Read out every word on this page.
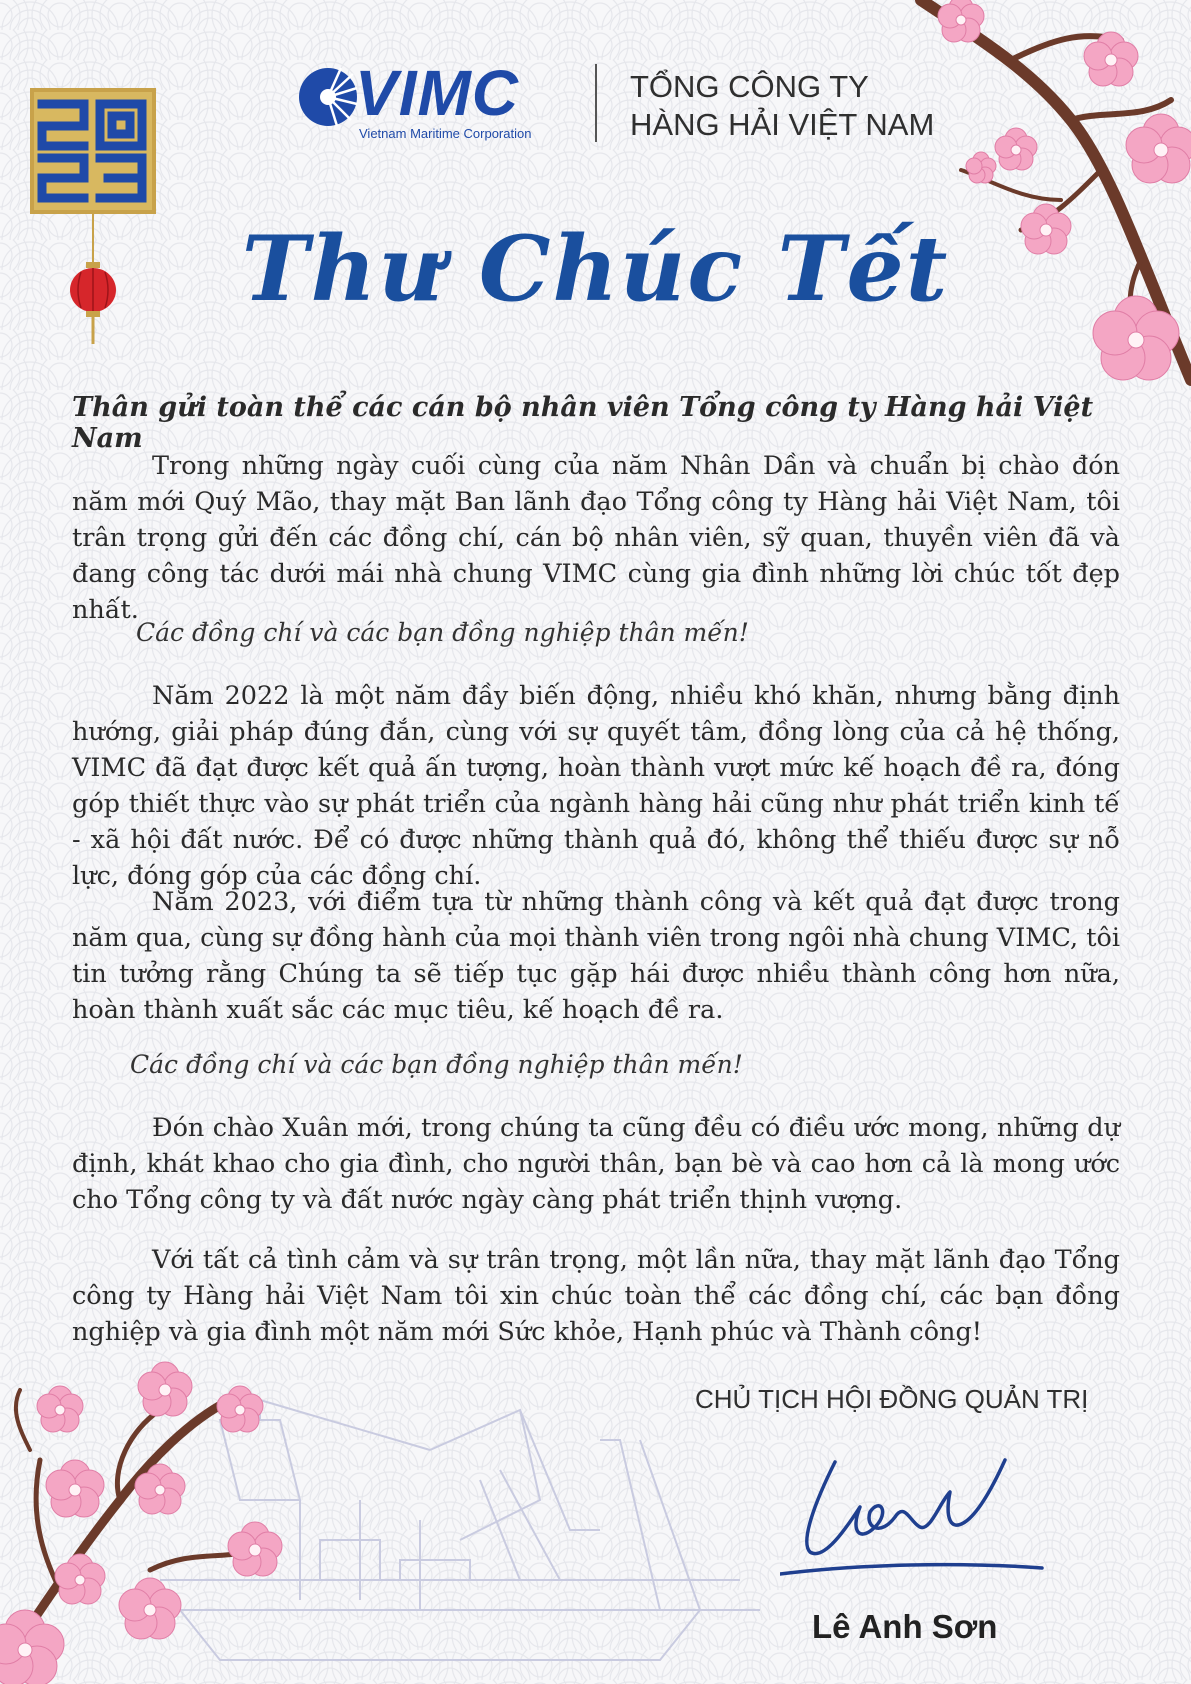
VIMC
Vietnam Maritime Corporation
TỔNG CÔNG TY
HÀNG HẢI VIỆT NAM
Thư Chúc Tết
Thân gửi toàn thể các cán bộ nhân viên Tổng công ty Hàng hải Việt Nam

Trong những ngày cuối cùng của năm Nhân Dần và chuẩn bị chào đón năm mới Quý Mão, thay mặt Ban lãnh đạo Tổng công ty Hàng hải Việt Nam, tôi trân trọng gửi đến các đồng chí, cán bộ nhân viên, sỹ quan, thuyền viên đã và đang công tác dưới mái nhà chung VIMC cùng gia đình những lời chúc tốt đẹp nhất.

Các đồng chí và các bạn đồng nghiệp thân mến!

Năm 2022 là một năm đầy biến động, nhiều khó khăn, nhưng bằng định hướng, giải pháp đúng đắn, cùng với sự quyết tâm, đồng lòng của cả hệ thống, VIMC đã đạt được kết quả ấn tượng, hoàn thành vượt mức kế hoạch đề ra, đóng góp thiết thực vào sự phát triển của ngành hàng hải cũng như phát triển kinh tế - xã hội đất nước. Để có được những thành quả đó, không thể thiếu được sự nỗ lực, đóng góp của các đồng chí.

Năm 2023, với điểm tựa từ những thành công và kết quả đạt được trong năm qua, cùng sự đồng hành của mọi thành viên trong ngôi nhà chung VIMC, tôi tin tưởng rằng Chúng ta sẽ tiếp tục gặp hái được nhiều thành công hơn nữa, hoàn thành xuất sắc các mục tiêu, kế hoạch đề ra.

Các đồng chí và các bạn đồng nghiệp thân mến!

Đón chào Xuân mới, trong chúng ta cũng đều có điều ước mong, những dự định, khát khao cho gia đình, cho người thân, bạn bè và cao hơn cả là mong ước cho Tổng công ty và đất nước ngày càng phát triển thịnh vượng.

Với tất cả tình cảm và sự trân trọng, một lần nữa, thay mặt lãnh đạo Tổng công ty Hàng hải Việt Nam tôi xin chúc toàn thể các đồng chí, các bạn đồng nghiệp và gia đình một năm mới Sức khỏe, Hạnh phúc và Thành công!

CHỦ TỊCH HỘI ĐỒNG QUẢN TRỊ
Lê Anh Sơn
